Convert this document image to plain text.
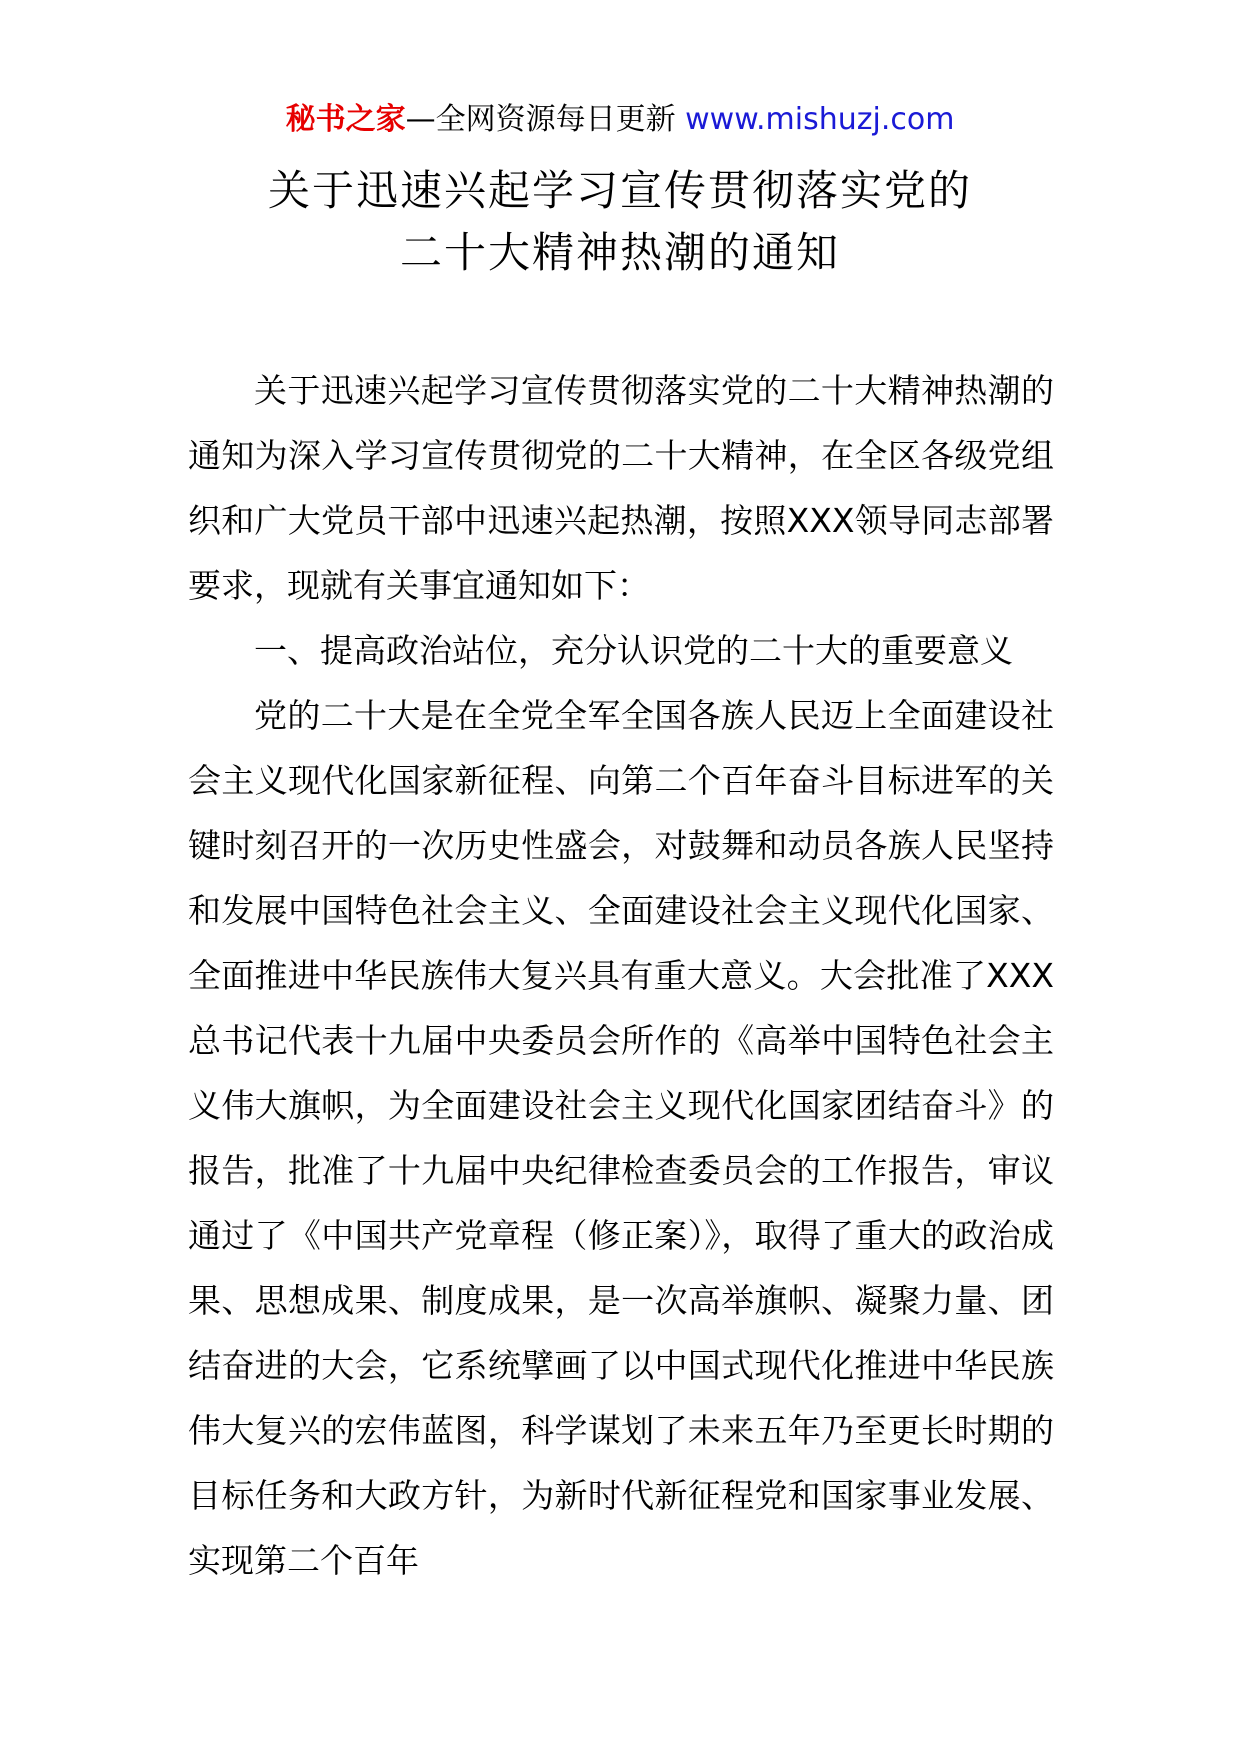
秘书之家—全网资源每日更新 www.mishuzj.com
关于迅速兴起学习宣传贯彻落实党的
二十大精神热潮的通知

关于迅速兴起学习宣传贯彻落实党的二十大精神热潮的通知为深入学习宣传贯彻党的二十大精神，在全区各级党组织和广大党员干部中迅速兴起热潮，按照XXX领导同志部署要求，现就有关事宜通知如下：

一、提高政治站位，充分认识党的二十大的重要意义

党的二十大是在全党全军全国各族人民迈上全面建设社会主义现代化国家新征程、向第二个百年奋斗目标进军的关键时刻召开的一次历史性盛会，对鼓舞和动员各族人民坚持和发展中国特色社会主义、全面建设社会主义现代化国家、全面推进中华民族伟大复兴具有重大意义。大会批准了XXX总书记代表十九届中央委员会所作的《高举中国特色社会主义伟大旗帜，为全面建设社会主义现代化国家团结奋斗》的报告，批准了十九届中央纪律检查委员会的工作报告，审议通过了《中国共产党章程（修正案）》，取得了重大的政治成果、思想成果、制度成果，是一次高举旗帜、凝聚力量、团结奋进的大会，它系统擘画了以中国式现代化推进中华民族伟大复兴的宏伟蓝图，科学谋划了未来五年乃至更长时期的目标任务和大政方针，为新时代新征程党和国家事业发展、实现第二个百年
